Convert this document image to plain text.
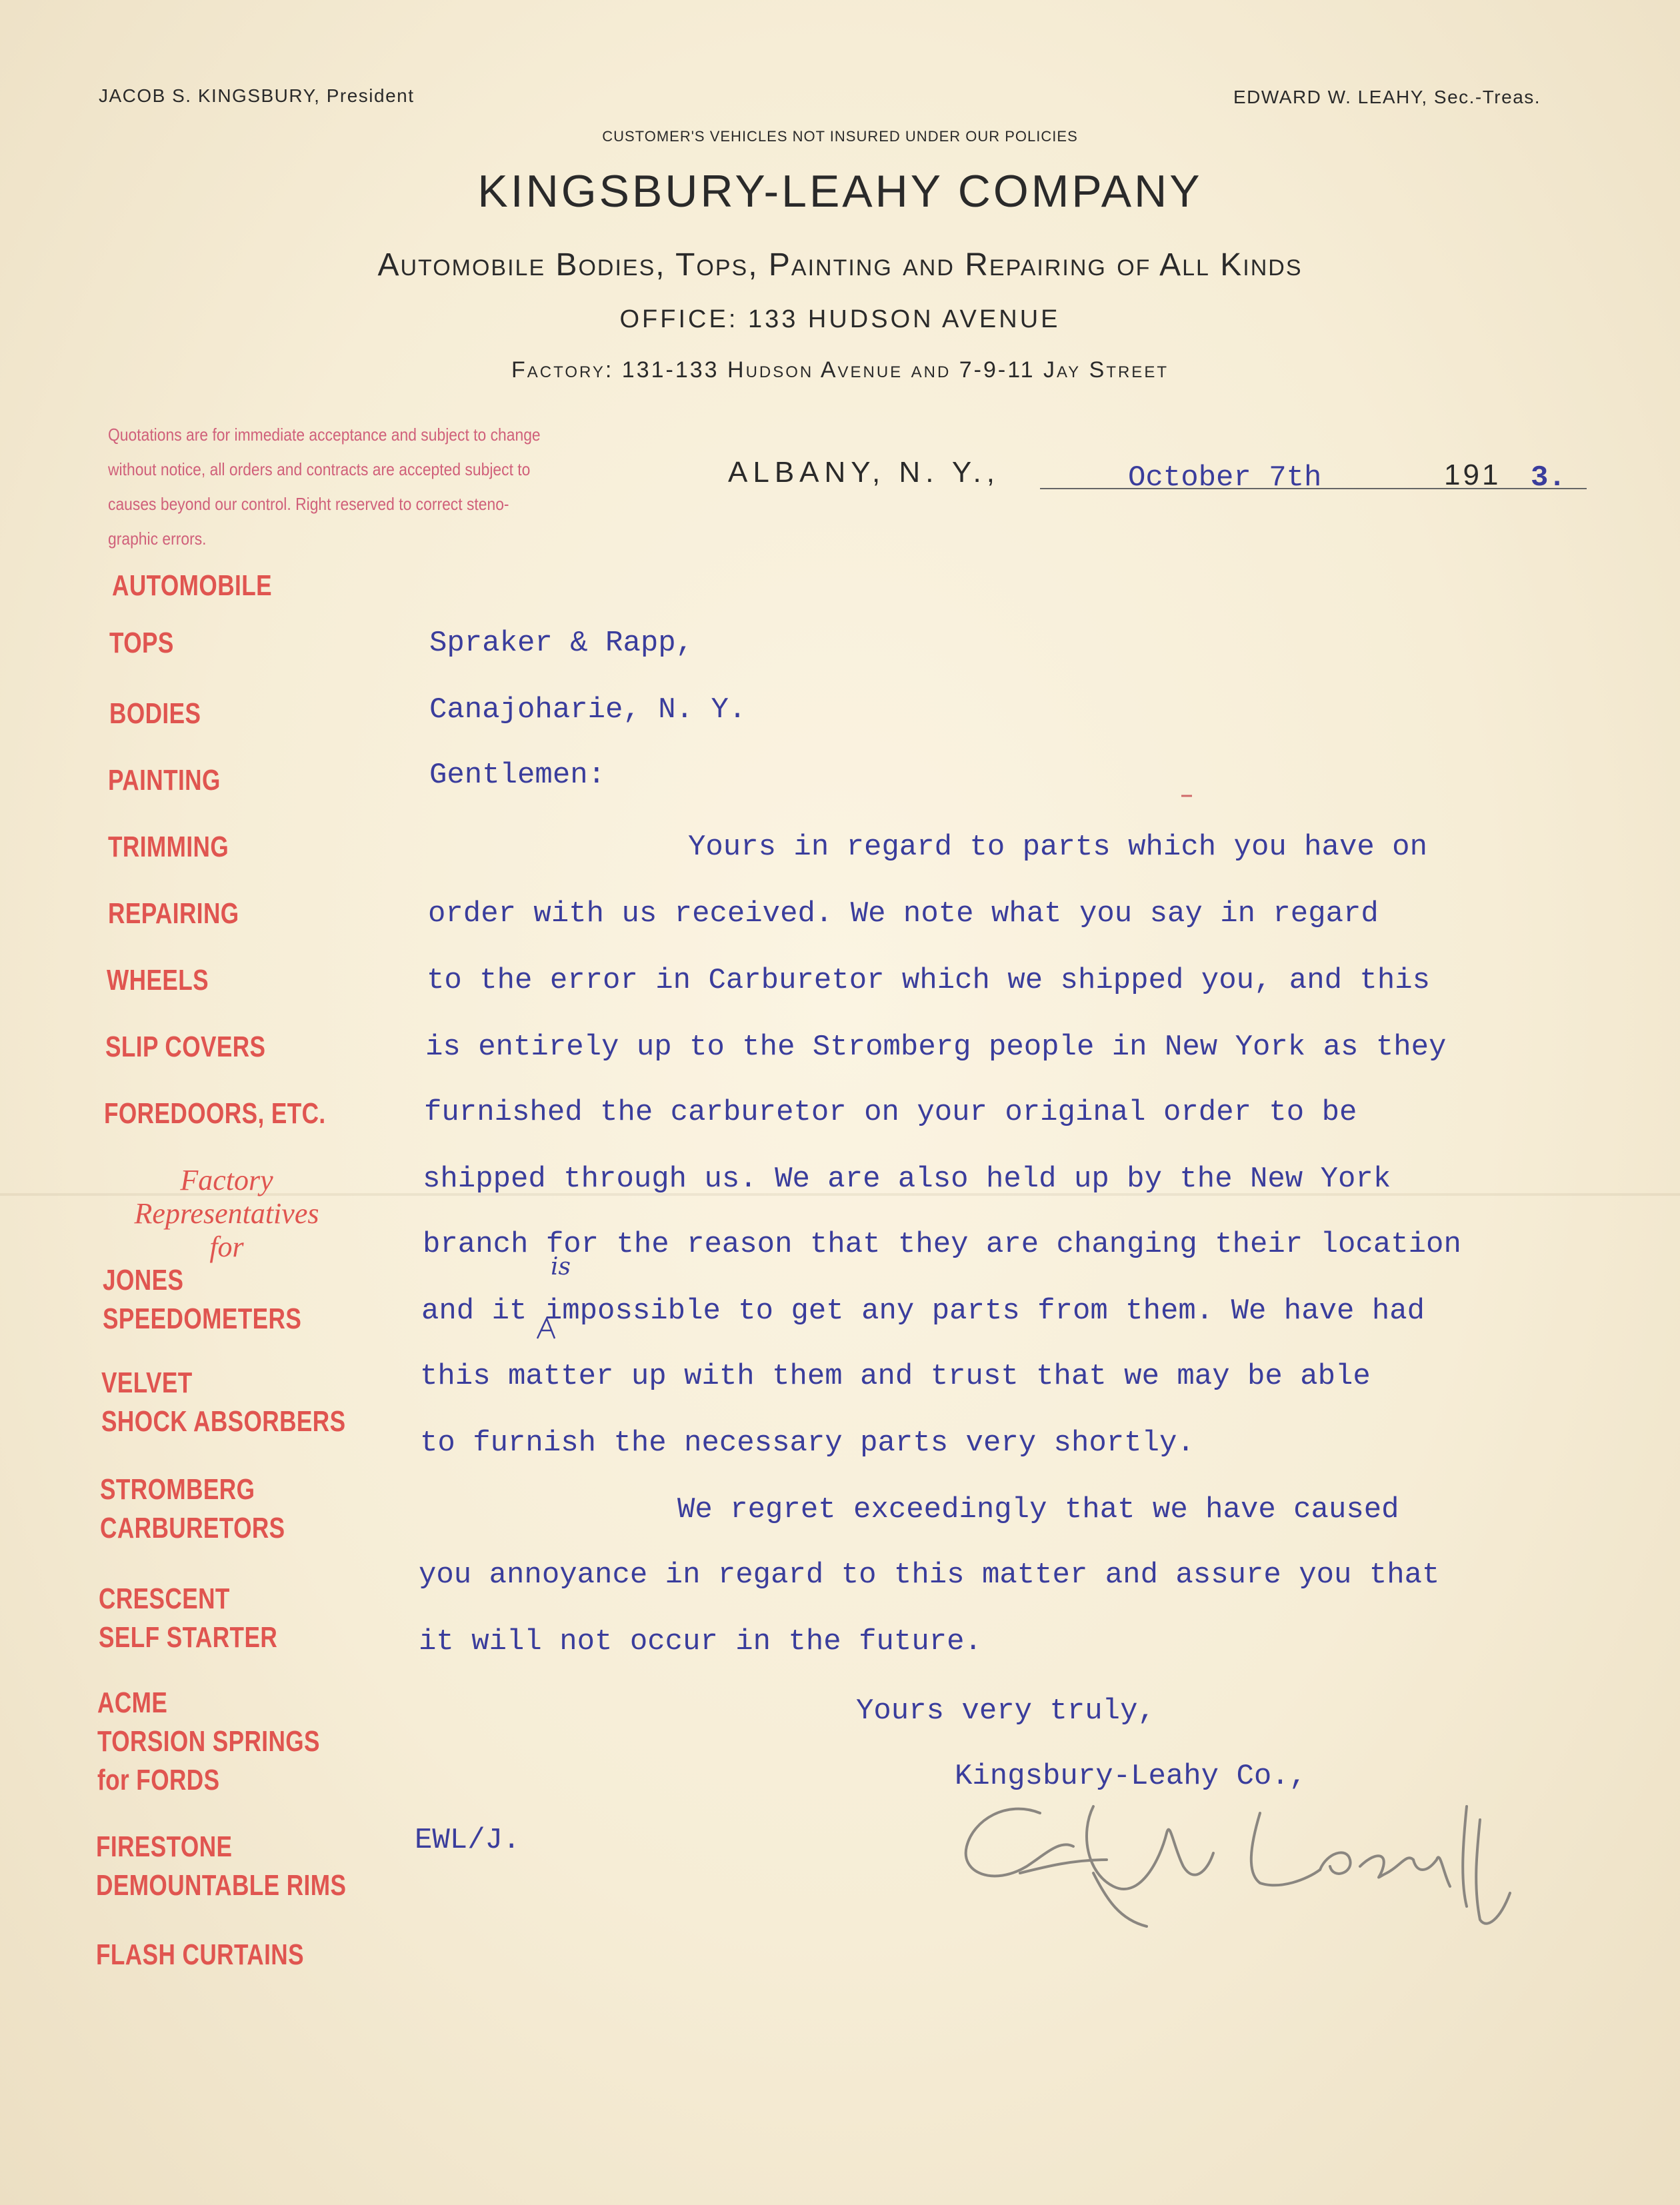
JACOB S. KINGSBURY, President	EDWARD W. LEAHY, Sec.-Treas.

CUSTOMER'S VEHICLES NOT INSURED UNDER OUR POLICIES

KINGSBURY-LEAHY COMPANY

Automobile Bodies, Tops, Painting and Repairing of All Kinds

OFFICE: 133 HUDSON AVENUE

Factory: 131-133 Hudson Avenue and 7-9-11 Jay Street

Quotations are for immediate acceptance and subject to change
without notice, all orders and contracts are accepted subject to
causes beyond our control. Right reserved to correct steno-
graphic errors.

ALBANY, N. Y.,	October 7th	191 3.

AUTOMOBILE
TOPS
BODIES
PAINTING
TRIMMING
REPAIRING
WHEELS
SLIP COVERS
FOREDOORS, ETC.
Factory
Representatives
for
JONES
SPEEDOMETERS
VELVET
SHOCK ABSORBERS
STROMBERG
CARBURETORS
CRESCENT
SELF STARTER
ACME
TORSION SPRINGS
for FORDS
FIRESTONE
DEMOUNTABLE RIMS
FLASH CURTAINS

Spraker & Rapp,

Canajoharie, N. Y.

Gentlemen:

Yours in regard to parts which you have on

order with us received. We note what you say in regard

to the error in Carburetor which we shipped you, and this

is entirely up to the Stromberg people in New York as they

furnished the carburetor on your original order to be

shipped through us. We are also held up by the New York

branch for the reason that they are changing their location

and it impossible to get any parts from them. We have had

is

this matter up with them and trust that we may be able

to furnish the necessary parts very shortly.

We regret exceedingly that we have caused

you annoyance in regard to this matter and assure you that

it will not occur in the future.

Yours very truly,

Kingsbury-Leahy Co.,

EWL/J.
